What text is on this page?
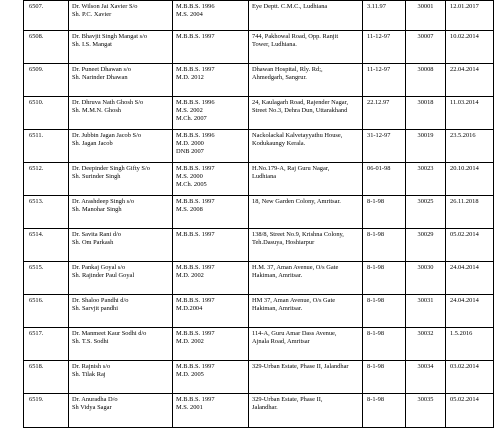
6507.	Dr. Wilson Jai Xavier S/o
Sh. P.C. Xavier	M.B.B.S. 1996
M.S. 2004	Eye Deptt. C.M.C., Ludhiana	3.11.97	30001	12.01.2017
6508.	Dr. Bhavjit Singh Mangat s/o
Sh. I.S. Mangat	M.B.B.S. 1997	744, Pakhowal Road, Opp. Ranjit
Tower, Ludhiana.	11-12-97	30007	10.02.2014
6509.	Dr. Puneet Dhawan s/o
Sh. Narinder Dhawan	M.B.B.S. 1997
M.D. 2012	Dhawan Hospital, Rly. Rd;,
Ahmedgarh, Sangrur.	11-12-97	30008	22.04.2014
6510.	Dr. Dhruva Nath Ghosh S/o
Sh. M.M.N. Ghosh	M.B.B.S. 1996
M.S. 2002
M.Ch. 2007	24, Kaulagarh Road, Rajender Nagar,
Street No.3, Dehra Dun, Uttarakhand	22.12.97	30018	11.03.2014
6511.	Dr. Jubbin Jagan Jacob S/o
Sh. Jagan Jacob	M.B.B.S. 1996
M.D. 2000
DNB 2007	Nackolackal Kalvetayyathu House,
Kodukaungy Kerala.	31-12-97	30019	23.5.2016
6512.	Dr. Deepinder Singh Gifty S/o
Sh. Surinder Singh	M.B.B.S. 1997
M.S. 2000
M.Ch. 2005	H.No.179-A, Raj Guru Nagar,
Ludhiana	06-01-98	30023	20.10.2014
6513.	Dr. Arashdeep Singh s/o
Sh. Manohar Singh	M.B.B.S. 1997
M.S. 2008	18, New Garden Colony, Amritsar.	8-1-98	30025	26.11.2018
6514.	Dr. Savita Rani d/o
Sh. Om Parkash	M.B.B.S. 1997	138/8, Street No.9, Krishna Colony,
Teh.Dasuya, Hoshiarpur	8-1-98	30029	05.02.2014
6515.	Dr. Pankaj Goyal s/o
Sh. Rajinder Paul Goyal	M.B.B.S. 1997
M.D. 2002	H.M. 37, Aman Avenue, O/s Gate
Hakiman, Amritsar.	8-1-98	30030	24.04.2014
6516.	Dr. Shaloo Pandhi d/o
Sh. Sarvjit pandhi	M.B.B.S. 1997
M.D.2004	HM 37, Aman Avenue, O/s Gate
Hakiman, Amritsar.	8-1-98	30031	24.04.2014
6517.	Dr. Manmeet Kaur Sodhi d/o
Sh. T.S. Sodhi	M.B.B.S. 1997
M.D. 2002	114-A, Guru Amar Dass Avenue,
Ajnala Road, Amritsar	8-1-98	30032	1.5.2016
6518.	Dr. Rajnish s/o
Sh. Tilak Raj	M.B.B.S. 1997
M.D. 2005	329-Urban Estate, Phase II, Jalandhar	8-1-98	30034	03.02.2014
6519.	Dr. Anuradha D/o
Sh Vidya Sagar	M.B.B.S. 1997
M.S. 2001	329-Urban Estate, Phase II,
Jalandhar.	8-1-98	30035	05.02.2014
